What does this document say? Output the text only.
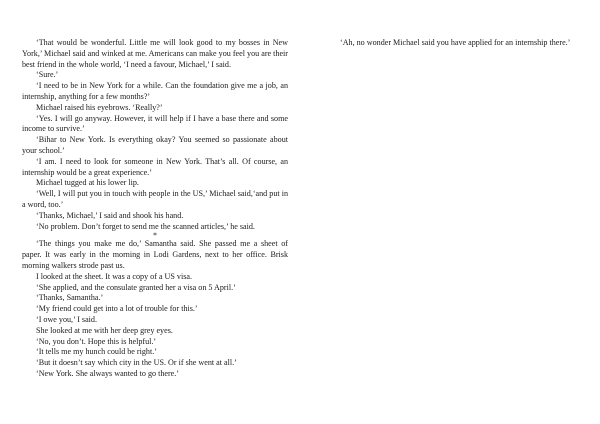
‘That would be wonderful. Little me will look good to my bosses in New York,’ Michael said and winked at me. Americans can make you feel you are their best friend in the whole world, ‘I need a favour, Michael,’ I said.

‘Sure.’

‘I need to be in New York for a while. Can the foundation give me a job, an internship, anything for a few months?’

Michael raised his eyebrows. ‘Really?’

‘Yes. I will go anyway. However, it will help if I have a base there and some income to survive.’

‘Bihar to New York. Is everything okay? You seemed so passionate about your school.’

‘I am. I need to look for someone in New York. That’s all. Of course, an internship would be a great experience.’

Michael tugged at his lower lip.

‘Well, I will put you in touch with people in the US,’ Michael said,‘and put in a word, too.’

‘Thanks, Michael,’ I said and shook his hand.

‘No problem. Don’t forget to send me the scanned articles,’ he said.

*

‘The things you make me do,’ Samantha said. She passed me a sheet of paper. It was early in the morning in Lodi Gardens, next to her office. Brisk morning walkers strode past us.

I looked at the sheet. It was a copy of a US visa.

‘She applied, and the consulate granted her a visa on 5 April.’

‘Thanks, Samantha.’

‘My friend could get into a lot of trouble for this.’

‘I owe you,’ I said.

She looked at me with her deep grey eyes.

‘No, you don’t. Hope this is helpful.’

‘It tells me my hunch could be right.’

‘But it doesn’t say which city in the US. Or if she went at all.’

‘New York. She always wanted to go there.’

‘Ah, no wonder Michael said you have applied for an internship there.’
